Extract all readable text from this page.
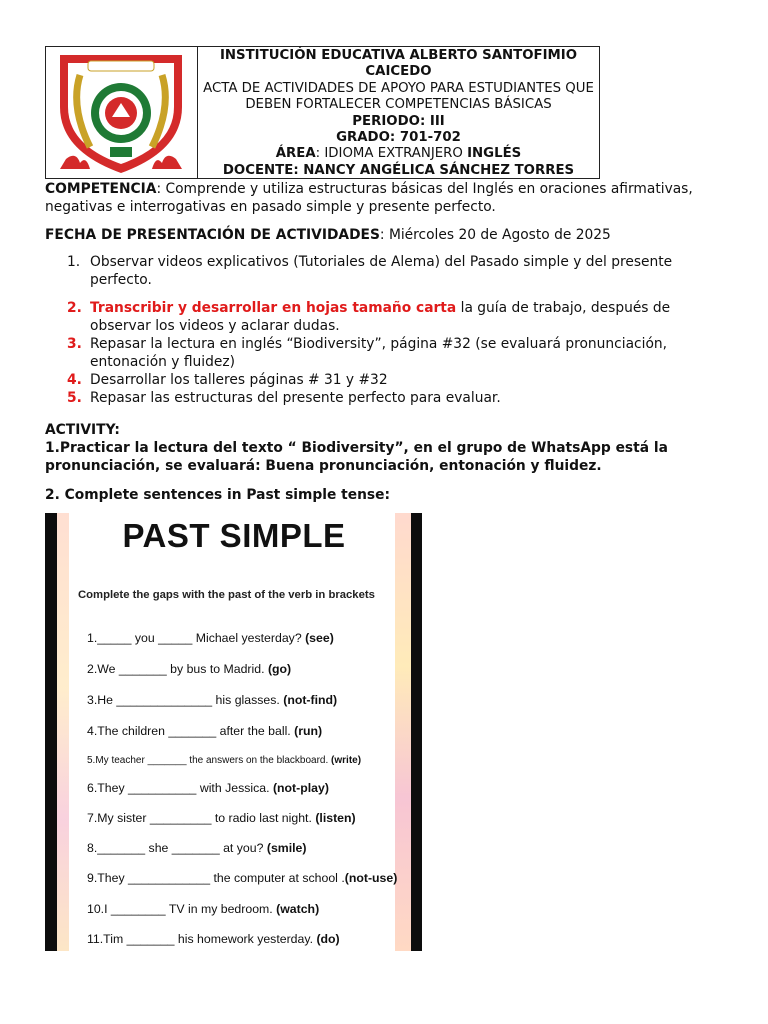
INSTITUCIÓN EDUCATIVA ALBERTO SANTOFIMIO CAICEDO
ACTA DE ACTIVIDADES DE APOYO PARA ESTUDIANTES QUE DEBEN FORTALECER COMPETENCIAS BÁSICAS
PERIODO: III
GRADO: 701-702
ÁREA: IDIOMA EXTRANJERO INGLÉS
DOCENTE: NANCY ANGÉLICA SÁNCHEZ TORRES
COMPETENCIA: Comprende y utiliza estructuras básicas del Inglés en oraciones afirmativas, negativas e interrogativas en pasado simple y presente perfecto.
FECHA DE PRESENTACIÓN DE ACTIVIDADES: Miércoles 20 de Agosto de 2025
1. Observar videos explicativos (Tutoriales de Alema) del Pasado simple y del presente perfecto.
2. Transcribir y desarrollar en hojas tamaño carta la guía de trabajo, después de observar los videos y aclarar dudas.
3. Repasar la lectura en inglés “Biodiversity”, página #32 (se evaluará pronunciación, entonación y fluidez)
4. Desarrollar los talleres páginas # 31 y #32
5. Repasar las estructuras del presente perfecto para evaluar.
ACTIVITY:
1.Practicar la lectura del texto “ Biodiversity”, en el grupo de WhatsApp está la pronunciación, se evaluará: Buena pronunciación, entonación y fluidez.
2. Complete sentences in Past simple tense:
PAST SIMPLE
Complete the gaps with the past of the verb in brackets
1._____ you _____ Michael yesterday? (see)
2.We _______ by bus to Madrid. (go)
3.He ______________ his glasses. (not-find)
4.The children _______ after the ball. (run)
5.My teacher _______ the answers on the blackboard. (write)
6.They __________ with Jessica. (not-play)
7.My sister _________ to radio last night. (listen)
8._______ she _______ at you? (smile)
9.They ____________ the computer at school .(not-use)
10.I ________ TV in my bedroom. (watch)
11.Tim _______ his homework yesterday. (do)
